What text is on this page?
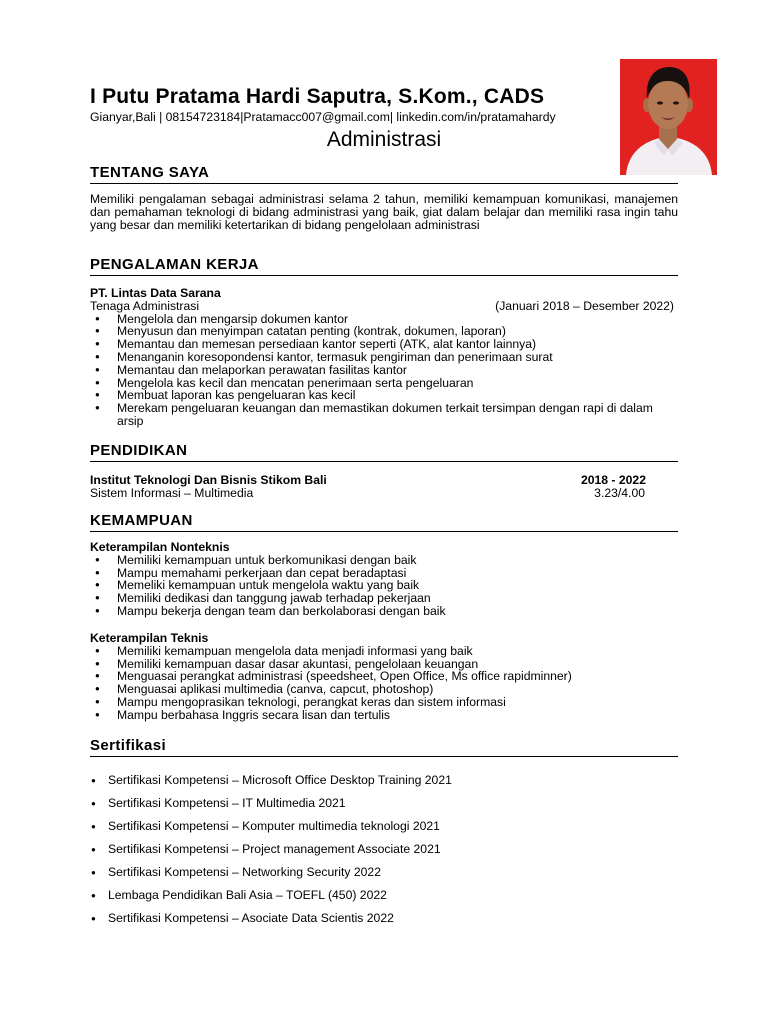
I Putu Pratama Hardi Saputra, S.Kom., CADS
Gianyar,Bali | 08154723184|Pratamacc007@gmail.com| linkedin.com/in/pratamahardy
Administrasi
TENTANG SAYA
Memiliki pengalaman sebagai administrasi selama 2 tahun, memiliki kemampuan komunikasi, manajemen dan pemahaman teknologi di bidang administrasi yang baik, giat dalam belajar dan memiliki rasa ingin tahu yang besar dan memiliki ketertarikan di bidang pengelolaan administrasi
PENGALAMAN KERJA
PT. Lintas Data Sarana
Tenaga Administrasi	(Januari 2018 – Desember 2022)
● Mengelola dan mengarsip dokumen kantor
● Menyusun dan menyimpan catatan penting (kontrak, dokumen, laporan)
● Memantau dan memesan persediaan kantor seperti (ATK, alat kantor lainnya)
● Menanganin koresopondensi kantor, termasuk pengiriman dan penerimaan surat
● Memantau dan melaporkan perawatan fasilitas kantor
● Mengelola kas kecil dan mencatan penerimaan serta pengeluaran
● Membuat laporan kas pengeluaran kas kecil
● Merekam pengeluaran keuangan dan memastikan dokumen terkait tersimpan dengan rapi di dalam arsip
PENDIDIKAN
Institut Teknologi Dan Bisnis Stikom Bali	2018 - 2022
Sistem Informasi – Multimedia	3.23/4.00
KEMAMPUAN
Keterampilan Nonteknis
● Memiliki kemampuan untuk berkomunikasi dengan baik
● Mampu memahami perkerjaan dan cepat beradaptasi
● Memeliki kemampuan untuk mengelola waktu yang baik
● Memiliki dedikasi dan tanggung jawab terhadap pekerjaan
● Mampu bekerja dengan team dan berkolaborasi dengan baik
Keterampilan Teknis
● Memiliki kemampuan mengelola data menjadi informasi yang baik
● Memiliki kemampuan dasar dasar akuntasi, pengelolaan keuangan
● Menguasai perangkat administrasi (speedsheet, Open Office, Ms office rapidminner)
● Menguasai aplikasi multimedia (canva, capcut, photoshop)
● Mampu mengoprasikan teknologi, perangkat keras dan sistem informasi
● Mampu berbahasa Inggris secara lisan dan tertulis
Sertifikasi
● Sertifikasi Kompetensi – Microsoft Office Desktop Training 2021
● Sertifikasi Kompetensi – IT Multimedia 2021
● Sertifikasi Kompetensi – Komputer multimedia teknologi 2021
● Sertifikasi Kompetensi – Project management Associate 2021
● Sertifikasi Kompetensi – Networking Security 2022
● Lembaga Pendidikan Bali Asia – TOEFL (450) 2022
● Sertifikasi Kompetensi – Asociate Data Scientis 2022
